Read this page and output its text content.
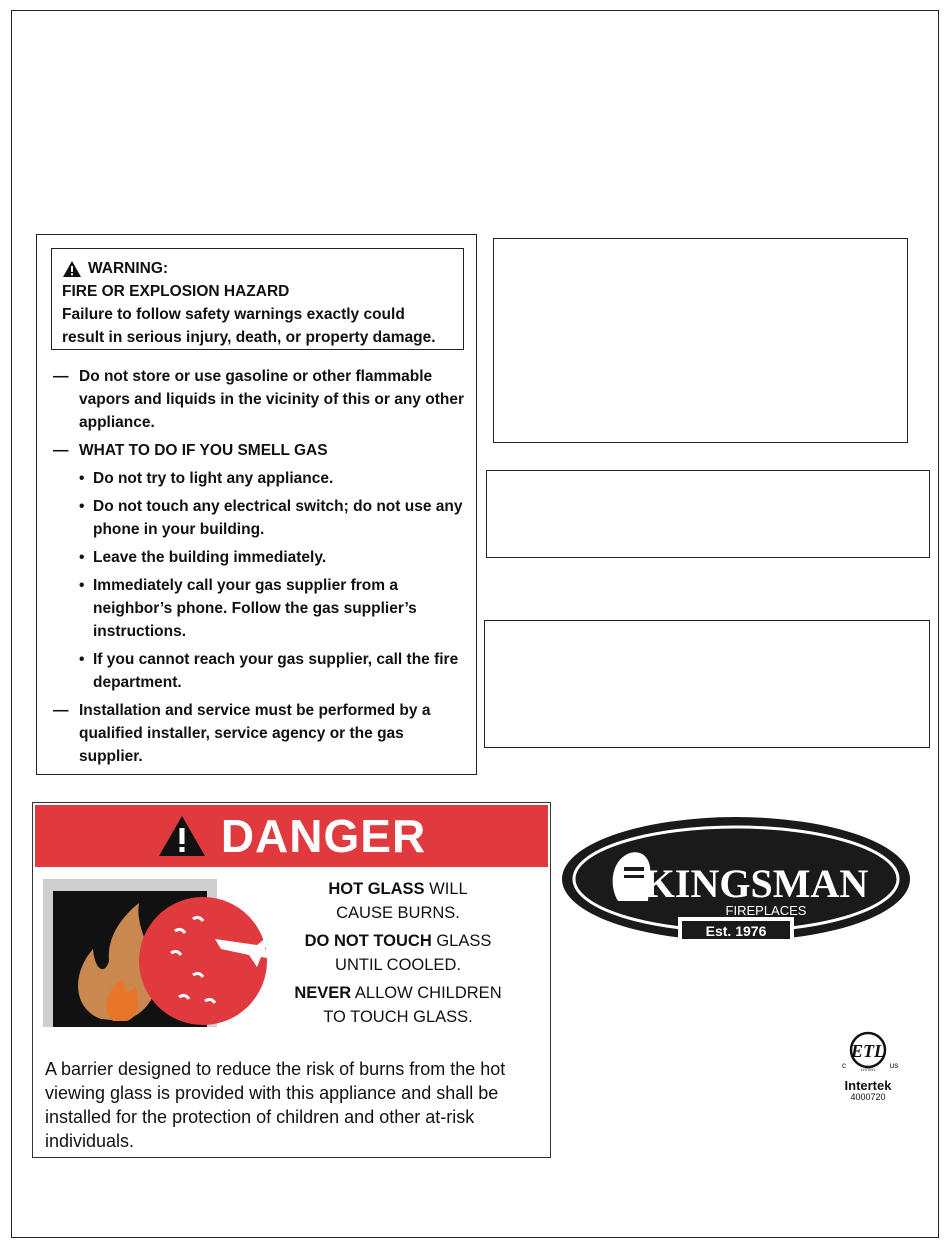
WARNING:
FIRE OR EXPLOSION HAZARD
Failure to follow safety warnings exactly could
result in serious injury, death, or property damage.
— Do not store or use gasoline or other flammable vapors and liquids in the vicinity of this or any other appliance.
— WHAT TO DO IF YOU SMELL GAS
• Do not try to light any appliance.
• Do not touch any electrical switch; do not use any phone in your building.
• Leave the building immediately.
• Immediately call your gas supplier from a neighbor’s phone. Follow the gas supplier’s instructions.
• If you cannot reach your gas supplier, call the fire department.
— Installation and service must be performed by a qualified installer, service agency or the gas supplier.
DANGER
HOT GLASS WILL
CAUSE BURNS.
DO NOT TOUCH GLASS
UNTIL COOLED.
NEVER ALLOW CHILDREN
TO TOUCH GLASS.
A barrier designed to reduce the risk of burns from the hot viewing glass is provided with this appliance and shall be installed for the protection of children and other at-risk individuals.
KINGSMAN
FIREPLACES
Est. 1976
ETL
c	us
LISTED
Intertek
4000720
